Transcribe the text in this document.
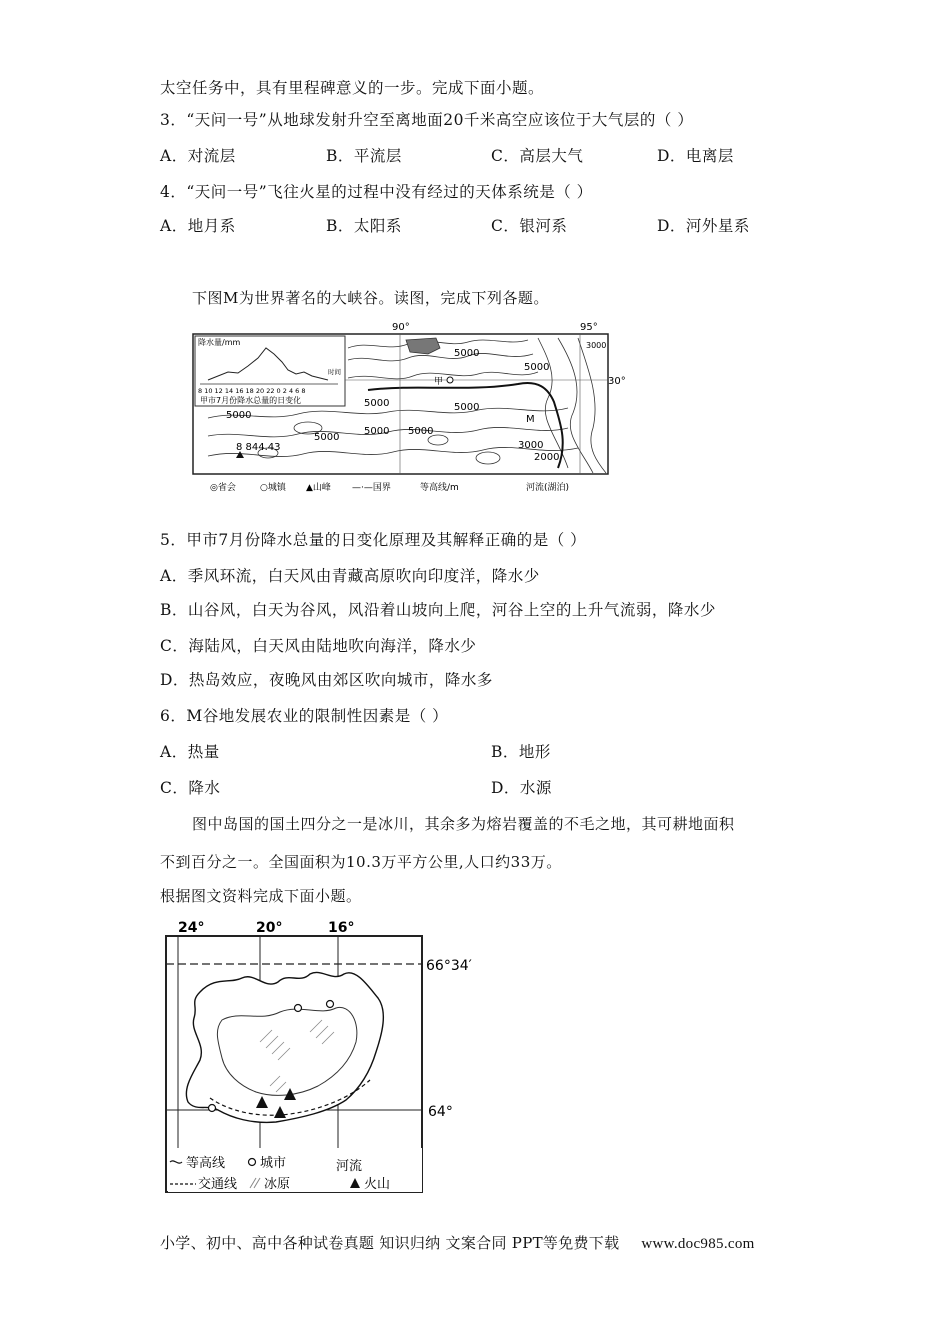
太空任务中，具有里程碑意义的一步。完成下面小题。
3．“天问一号”从地球发射升空至离地面20千米高空应该位于大气层的（ ）
A．对流层	B．平流层	C．高层大气	D．电离层
4．“天问一号”飞往火星的过程中没有经过的天体系统是（ ）
A．地月系	B．太阳系	C．银河系	D．河外星系
下图M为世界著名的大峡谷。读图，完成下列各题。
降水量/mm
8 10 12 14 16 18 20 22 0 2 4 6 8
时间
甲市7月份降水总量的日变化
90°	95°
30°
5000
5000
5000
5000	5000
5000
5000 5000
3000
2000
3000
甲
M
8 844.43
◎省会	○城镇 ▲山峰 —·—国界	等高线/m	河流(湖泊)
5．甲市7月份降水总量的日变化原理及其解释正确的是（ ）
A．季风环流，白天风由青藏高原吹向印度洋，降水少
B．山谷风，白天为谷风，风沿着山坡向上爬，河谷上空的上升气流弱，降水少
C．海陆风，白天风由陆地吹向海洋，降水少
D．热岛效应，夜晚风由郊区吹向城市，降水多
6．M谷地发展农业的限制性因素是（ ）
A．热量	B．地形
C．降水	D．水源
图中岛国的国土四分之一是冰川，其余多为熔岩覆盖的不毛之地，其可耕地面积
不到百分之一。全国面积为10.3万平方公里,人口约33万。
根据图文资料完成下面小题。
24°	20°	16°
66°34′
64°
等高线	城市	河流
交通线 冰原	火山
小学、初中、高中各种试卷真题 知识归纳 文案合同 PPT等免费下载 www.doc985.com
